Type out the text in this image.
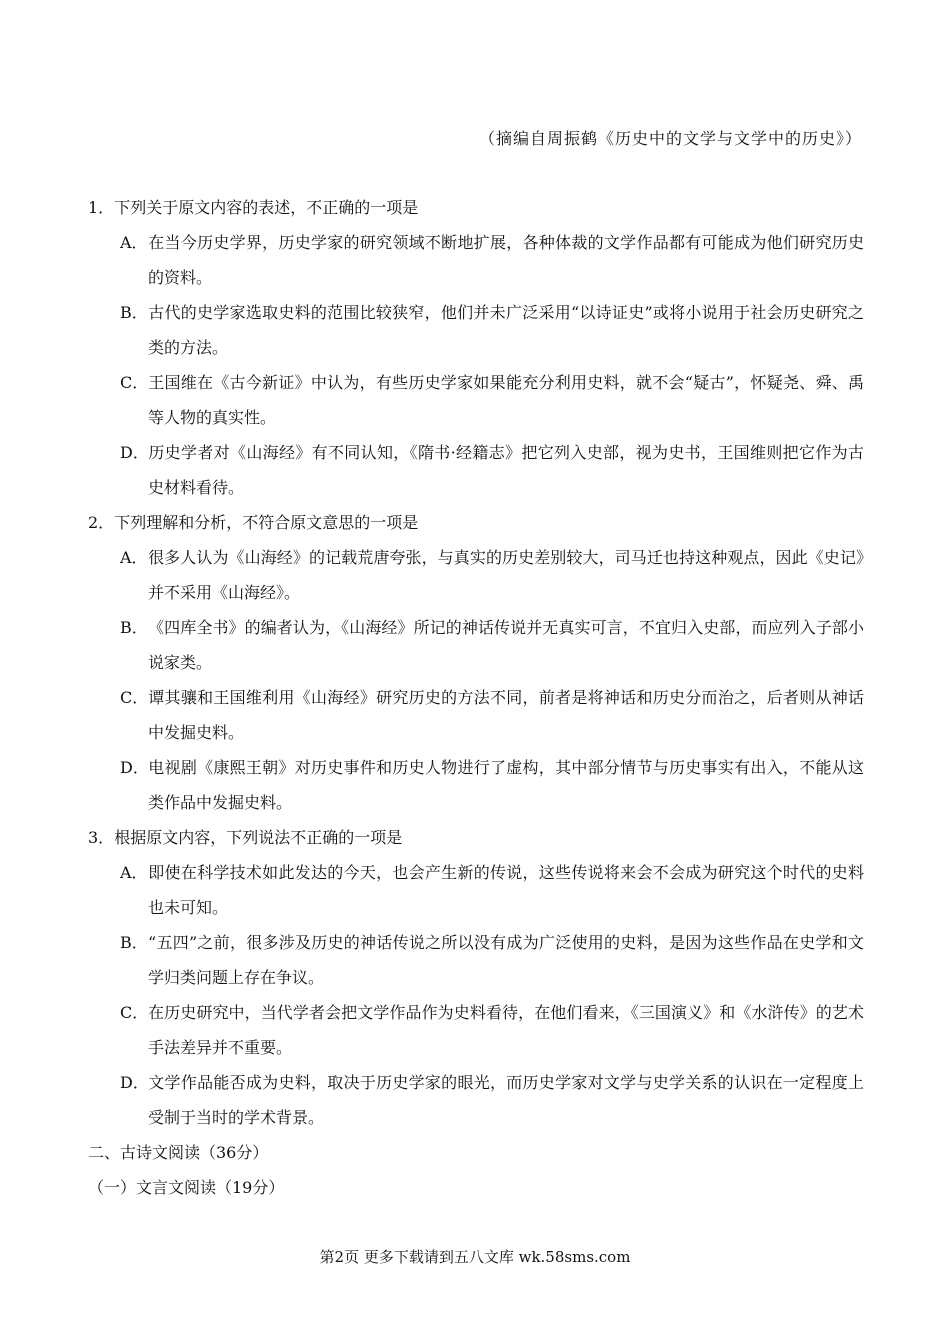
（摘编自周振鹤《历史中的文学与文学中的历史》）
1．下列关于原文内容的表述，不正确的一项是
A．在当今历史学界，历史学家的研究领域不断地扩展，各种体裁的文学作品都有可能成为他们研究历史的资料。
B．古代的史学家选取史料的范围比较狭窄，他们并未广泛采用“以诗证史”或将小说用于社会历史研究之类的方法。
C．王国维在《古今新证》中认为，有些历史学家如果能充分利用史料，就不会“疑古”，怀疑尧、舜、禹等人物的真实性。
D．历史学者对《山海经》有不同认知，《隋书·经籍志》把它列入史部，视为史书，王国维则把它作为古史材料看待。
2．下列理解和分析，不符合原文意思的一项是
A．很多人认为《山海经》的记载荒唐夸张，与真实的历史差别较大，司马迁也持这种观点，因此《史记》并不采用《山海经》。
B．《四库全书》的编者认为，《山海经》所记的神话传说并无真实可言，不宜归入史部，而应列入子部小说家类。
C．谭其骧和王国维利用《山海经》研究历史的方法不同，前者是将神话和历史分而治之，后者则从神话中发掘史料。
D．电视剧《康熙王朝》对历史事件和历史人物进行了虚构，其中部分情节与历史事实有出入，不能从这类作品中发掘史料。
3．根据原文内容，下列说法不正确的一项是
A．即使在科学技术如此发达的今天，也会产生新的传说，这些传说将来会不会成为研究这个时代的史料也未可知。
B．“五四”之前，很多涉及历史的神话传说之所以没有成为广泛使用的史料，是因为这些作品在史学和文学归类问题上存在争议。
C．在历史研究中，当代学者会把文学作品作为史料看待，在他们看来，《三国演义》和《水浒传》的艺术手法差异并不重要。
D．文学作品能否成为史料，取决于历史学家的眼光，而历史学家对文学与史学关系的认识在一定程度上受制于当时的学术背景。
二、古诗文阅读（36分）
（一）文言文阅读（19分）
第2页 更多下载请到五八文库 wk.58sms.com
